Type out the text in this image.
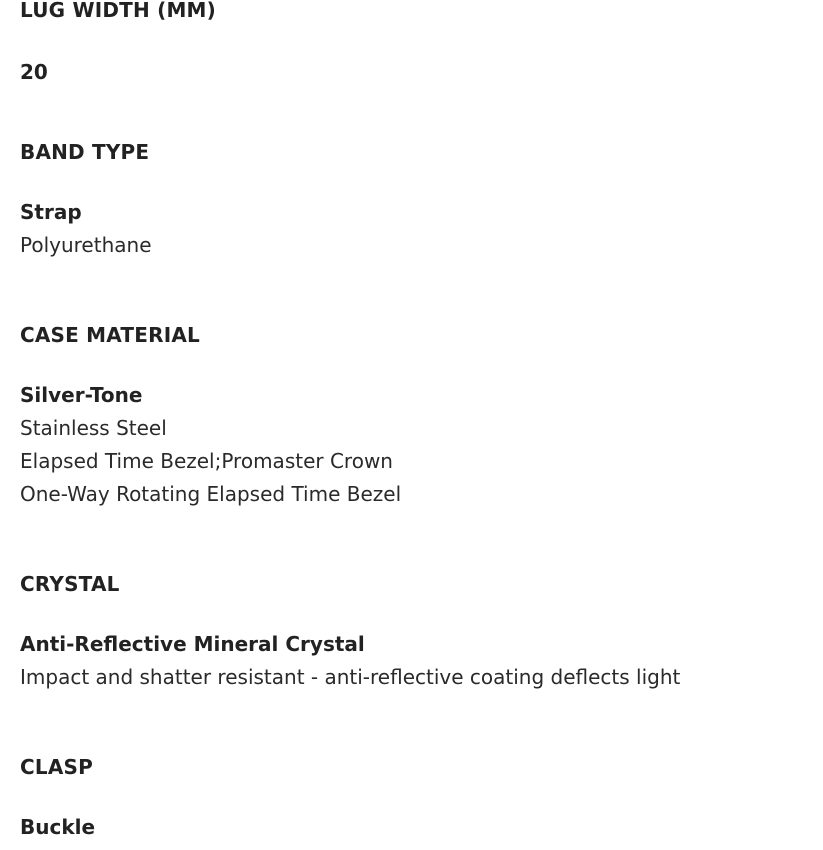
LUG WIDTH (MM)
20
BAND TYPE
Strap
Polyurethane
CASE MATERIAL
Silver-Tone
Stainless Steel
Elapsed Time Bezel;Promaster Crown
One-Way Rotating Elapsed Time Bezel
CRYSTAL
Anti-Reflective Mineral Crystal
Impact and shatter resistant - anti-reflective coating deflects light
CLASP
Buckle
